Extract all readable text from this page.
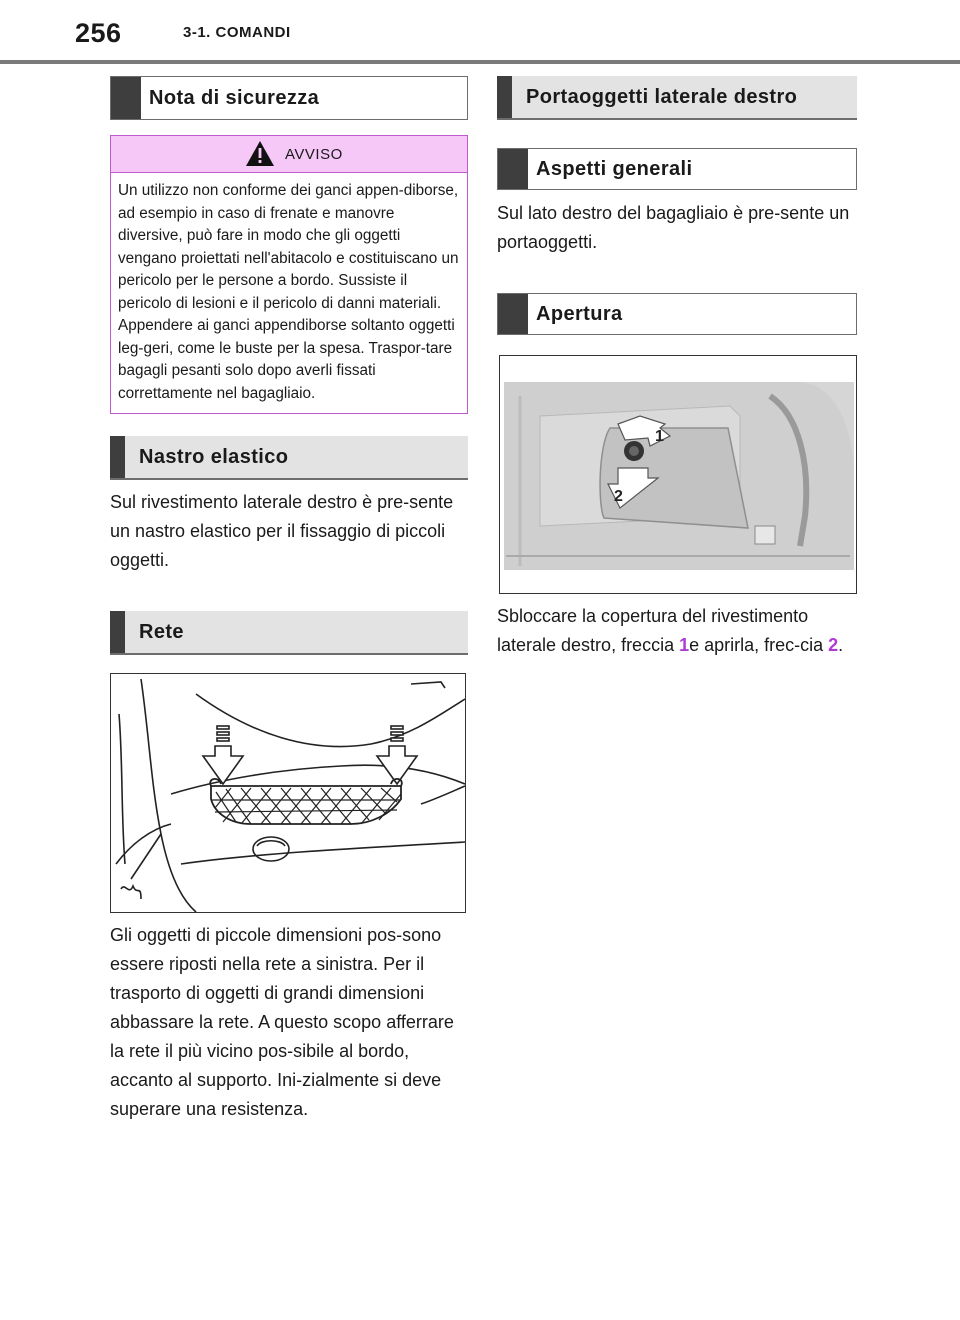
256	3-1. COMANDI
Nota di sicurezza
AVVISO
Un utilizzo non conforme dei ganci appen-diborse, ad esempio in caso di frenate e manovre diversive, può fare in modo che gli oggetti vengano proiettati nell'abitacolo e costituiscano un pericolo per le persone a bordo. Sussiste il pericolo di lesioni e il pericolo di danni materiali. Appendere ai ganci appendiborse soltanto oggetti leg-geri, come le buste per la spesa. Traspor-tare bagagli pesanti solo dopo averli fissati correttamente nel bagagliaio.
Nastro elastico

Sul rivestimento laterale destro è pre-sente un nastro elastico per il fissaggio di piccoli oggetti.

Rete

Gli oggetti di piccole dimensioni pos-sono essere riposti nella rete a sinistra. Per il trasporto di oggetti di grandi dimensioni abbassare la rete. A questo scopo afferrare la rete il più vicino pos-sibile al bordo, accanto al supporto. Ini-zialmente si deve superare una resistenza.

Portaoggetti laterale destro
Aspetti generali

Sul lato destro del bagagliaio è pre-sente un portaoggetti.

Apertura
1
2

Sbloccare la copertura del rivestimento laterale destro, freccia 1e aprirla, frec-cia 2.
